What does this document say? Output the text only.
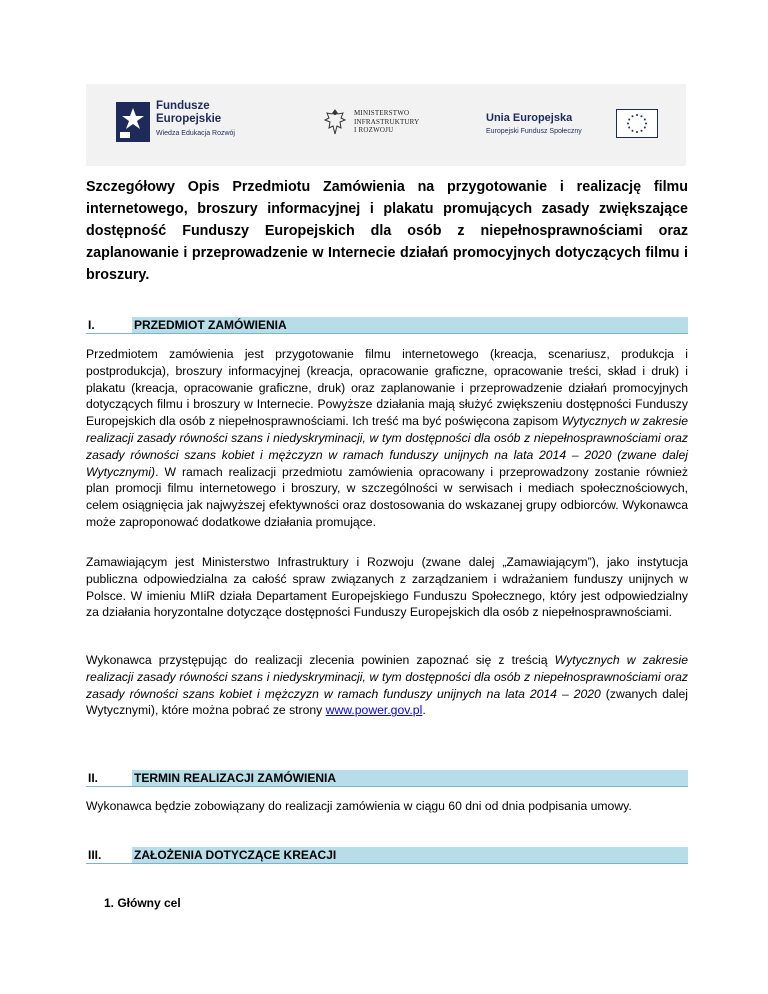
Fundusze
Europejskie
Wiedza Edukacja Rozwój
MINISTERSTWO
INFRASTRUKTURY
I ROZWOJU
Unia Europejska
Europejski Fundusz Społeczny
Szczegółowy Opis Przedmiotu Zamówienia na przygotowanie i realizację filmu internetowego, broszury informacyjnej i plakatu promujących zasady zwiększające dostępność Funduszy Europejskich dla osób z niepełnosprawnościami oraz zaplanowanie i przeprowadzenie w Internecie działań promocyjnych dotyczących filmu i broszury.
I.	PRZEDMIOT ZAMÓWIENIA
Przedmiotem zamówienia jest przygotowanie filmu internetowego (kreacja, scenariusz, produkcja i postprodukcja), broszury informacyjnej (kreacja, opracowanie graficzne, opracowanie treści, skład i druk) i plakatu (kreacja, opracowanie graficzne, druk) oraz zaplanowanie i przeprowadzenie działań promocyjnych dotyczących filmu i broszury w Internecie. Powyższe działania mają służyć zwiększeniu dostępności Funduszy Europejskich dla osób z niepełnosprawnościami. Ich treść ma być poświęcona zapisom Wytycznych w zakresie realizacji zasady równości szans i niedyskryminacji, w tym dostępności dla osób z niepełnosprawnościami oraz zasady równości szans kobiet i mężczyzn w ramach funduszy unijnych na lata 2014 – 2020 (zwane dalej Wytycznymi). W ramach realizacji przedmiotu zamówienia opracowany i przeprowadzony zostanie również plan promocji filmu internetowego i broszury, w szczególności w serwisach i mediach społecznościowych, celem osiągnięcia jak najwyższej efektywności oraz dostosowania do wskazanej grupy odbiorców. Wykonawca może zaproponować dodatkowe działania promujące.
Zamawiającym jest Ministerstwo Infrastruktury i Rozwoju (zwane dalej „Zamawiającym”), jako instytucja publiczna odpowiedzialna za całość spraw związanych z zarządzaniem i wdrażaniem funduszy unijnych w Polsce. W imieniu MIiR działa Departament Europejskiego Funduszu Społecznego, który jest odpowiedzialny za działania horyzontalne dotyczące dostępności Funduszy Europejskich dla osób z niepełnosprawnościami.
Wykonawca przystępując do realizacji zlecenia powinien zapoznać się z treścią Wytycznych w zakresie realizacji zasady równości szans i niedyskryminacji, w tym dostępności dla osób z niepełnosprawnościami oraz zasady równości szans kobiet i mężczyzn w ramach funduszy unijnych na lata 2014 – 2020 (zwanych dalej Wytycznymi), które można pobrać ze strony www.power.gov.pl.
II.	TERMIN REALIZACJI ZAMÓWIENIA
Wykonawca będzie zobowiązany do realizacji zamówienia w ciągu 60 dni od dnia podpisania umowy.
III.	ZAŁOŻENIA DOTYCZĄCE KREACJI
1. Główny cel
